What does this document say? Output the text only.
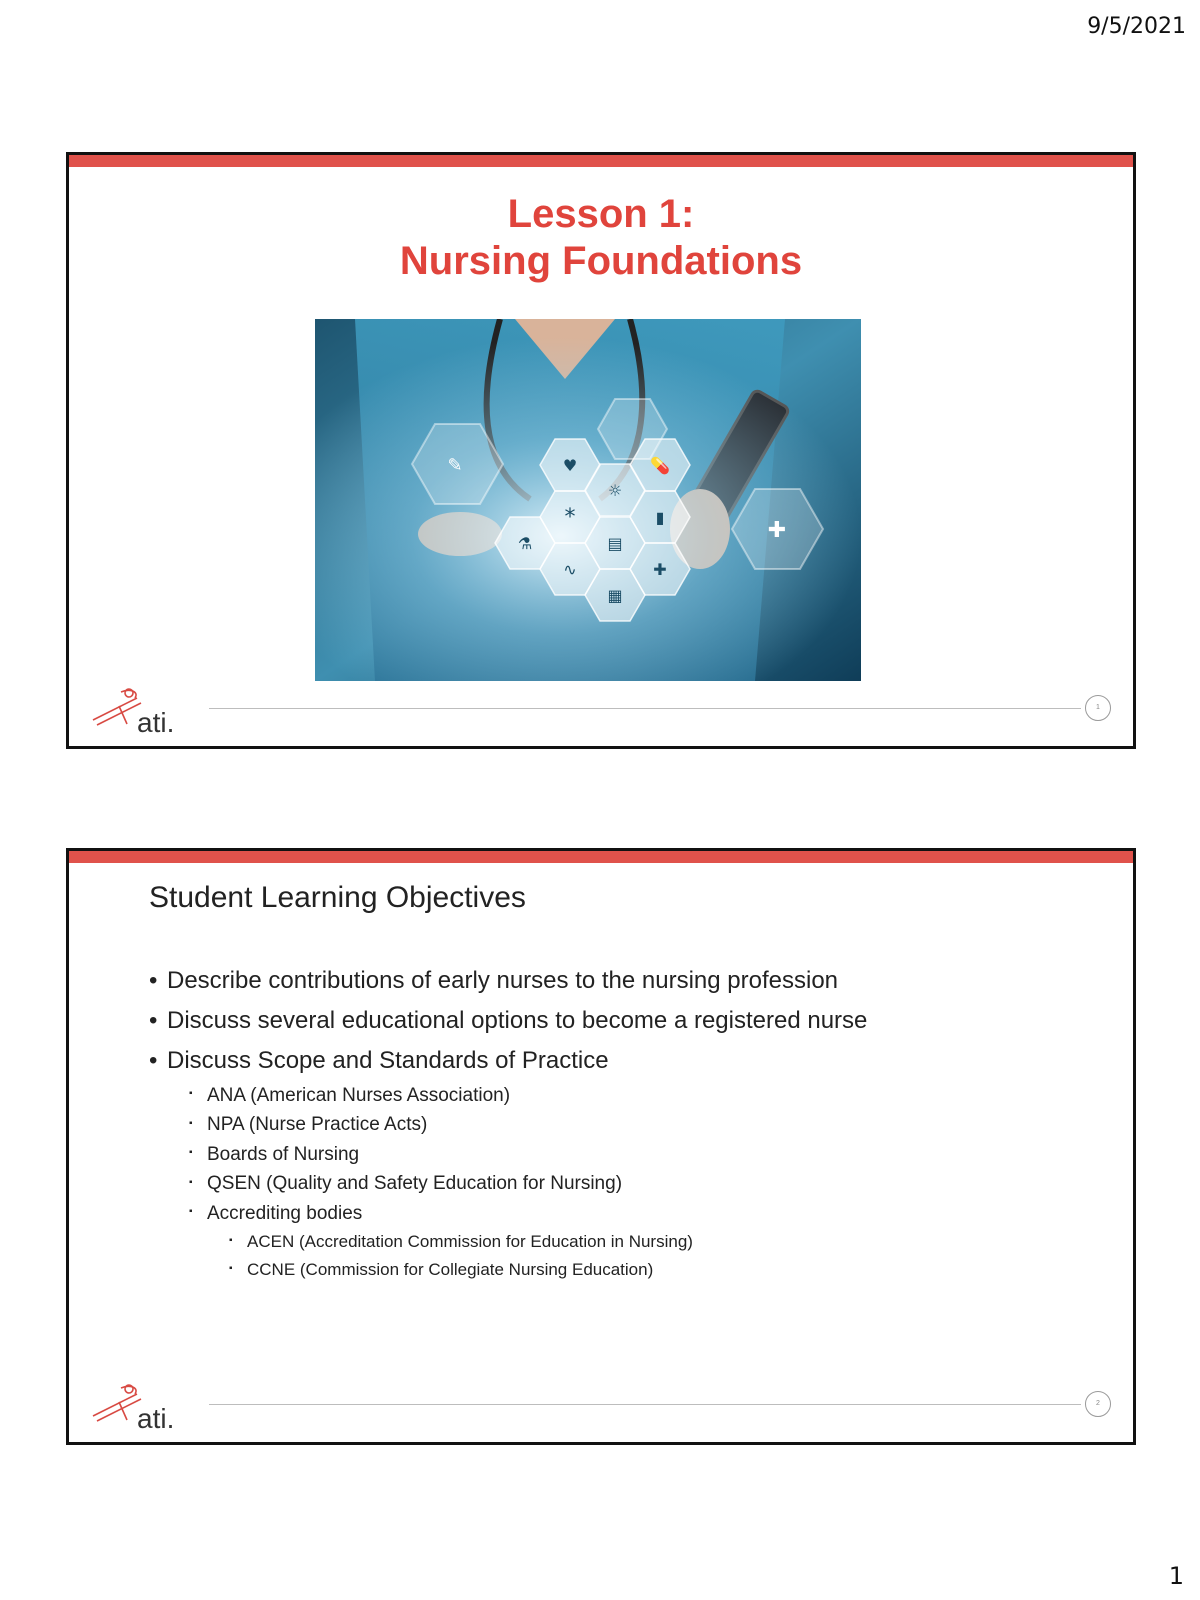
9/5/2021
Lesson 1:
Nursing Foundations
♥	💊
☼
*	▮
⚗	▤
∿	✚
▦
✚
✎
ati.	1
Student Learning Objectives
• Describe contributions of early nurses to the nursing profession
• Discuss several educational options to become a registered nurse
• Discuss Scope and Standards of Practice
▪ ANA (American Nurses Association)
▪ NPA (Nurse Practice Acts)
▪ Boards of Nursing
▪ QSEN (Quality and Safety Education for Nursing)
▪ Accrediting bodies
▪ ACEN (Accreditation Commission for Education in Nursing)
▪ CCNE (Commission for Collegiate Nursing Education)
ati.	2
1
